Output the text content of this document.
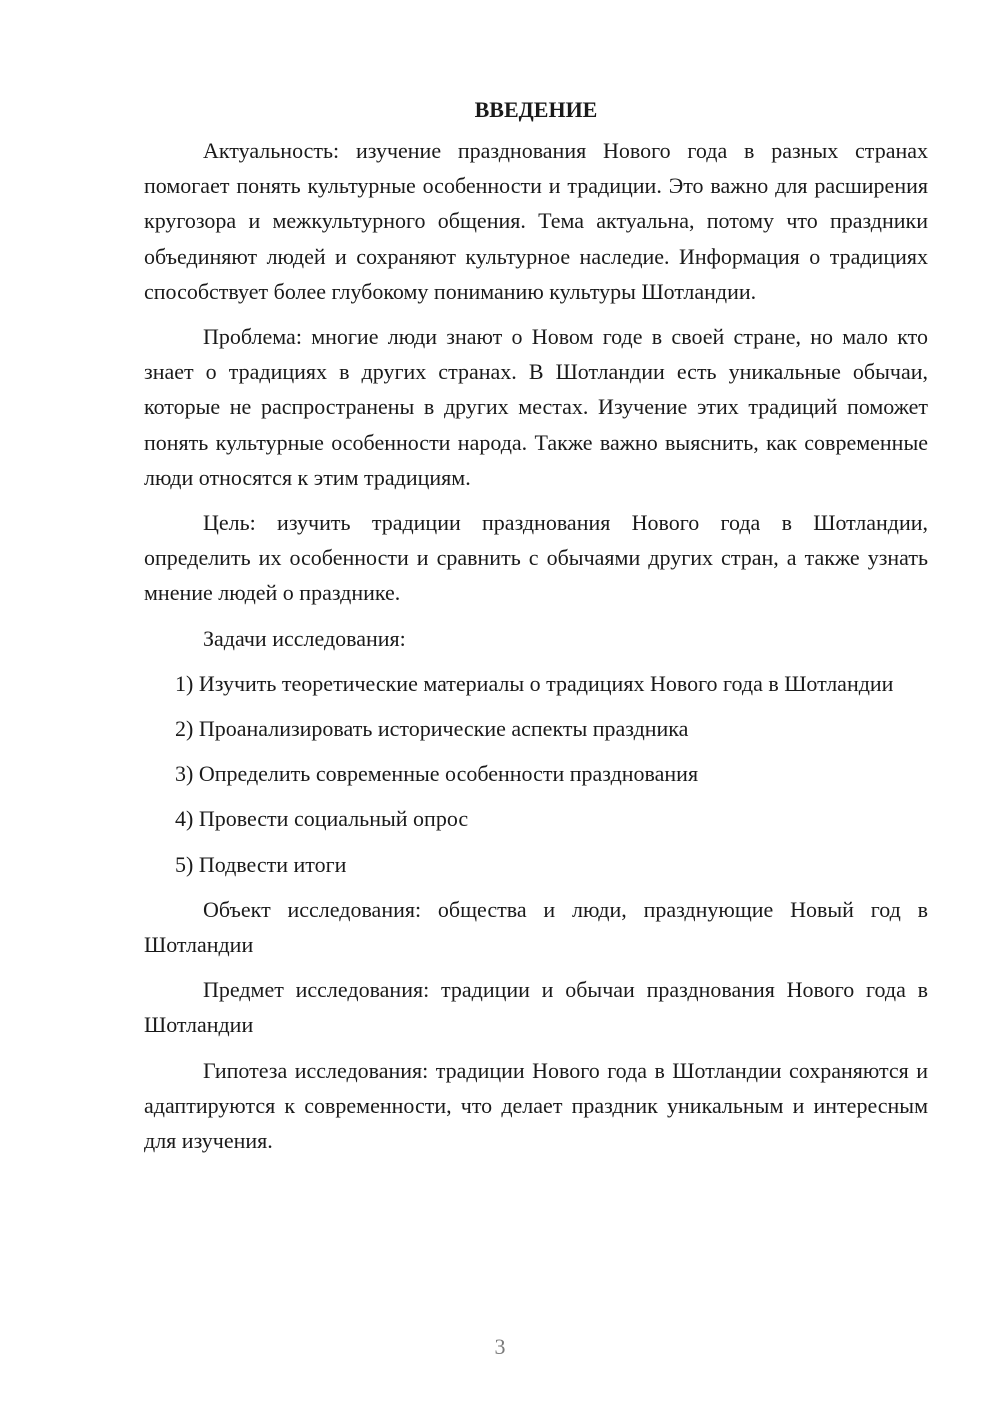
ВВЕДЕНИЕ

Актуальность: изучение празднования Нового года в разных странах помогает понять культурные особенности и традиции. Это важно для расширения кругозора и межкультурного общения. Тема актуальна, потому что праздники объединяют людей и сохраняют культурное наследие. Информация о традициях способствует более глубокому пониманию культуры Шотландии.

Проблема: многие люди знают о Новом годе в своей стране, но мало кто знает о традициях в других странах. В Шотландии есть уникальные обычаи, которые не распространены в других местах. Изучение этих традиций поможет понять культурные особенности народа. Также важно выяснить, как современные люди относятся к этим традициям.

Цель: изучить традиции празднования Нового года в Шотландии, определить их особенности и сравнить с обычаями других стран, а также узнать мнение людей о празднике.

Задачи исследования:

1) Изучить теоретические материалы о традициях Нового года в Шотландии

2) Проанализировать исторические аспекты праздника

3) Определить современные особенности празднования

4) Провести социальный опрос

5) Подвести итоги

Объект исследования: общества и люди, празднующие Новый год в Шотландии

Предмет исследования: традиции и обычаи празднования Нового года в Шотландии

Гипотеза исследования: традиции Нового года в Шотландии сохраняются и адаптируются к современности, что делает праздник уникальным и интересным для изучения.

3
